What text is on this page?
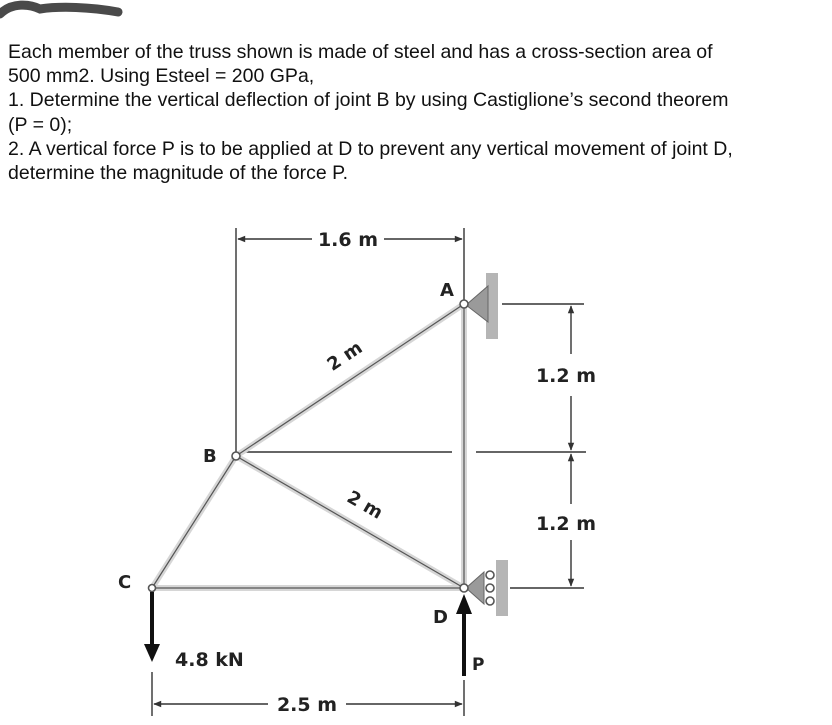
Each member of the truss shown is made of steel and has a cross-section area of

500 mm2. Using Esteel = 200 GPa,

1. Determine the vertical deflection of joint B by using Castiglione’s second theorem

(P = 0);

2. A vertical force P is to be applied at D to prevent any vertical movement of joint D,

determine the magnitude of the force P.

A
B
C
D
2 m
2 m
1.6 m
2.5 m
1.2 m
1.2 m
4.8 kN	P
